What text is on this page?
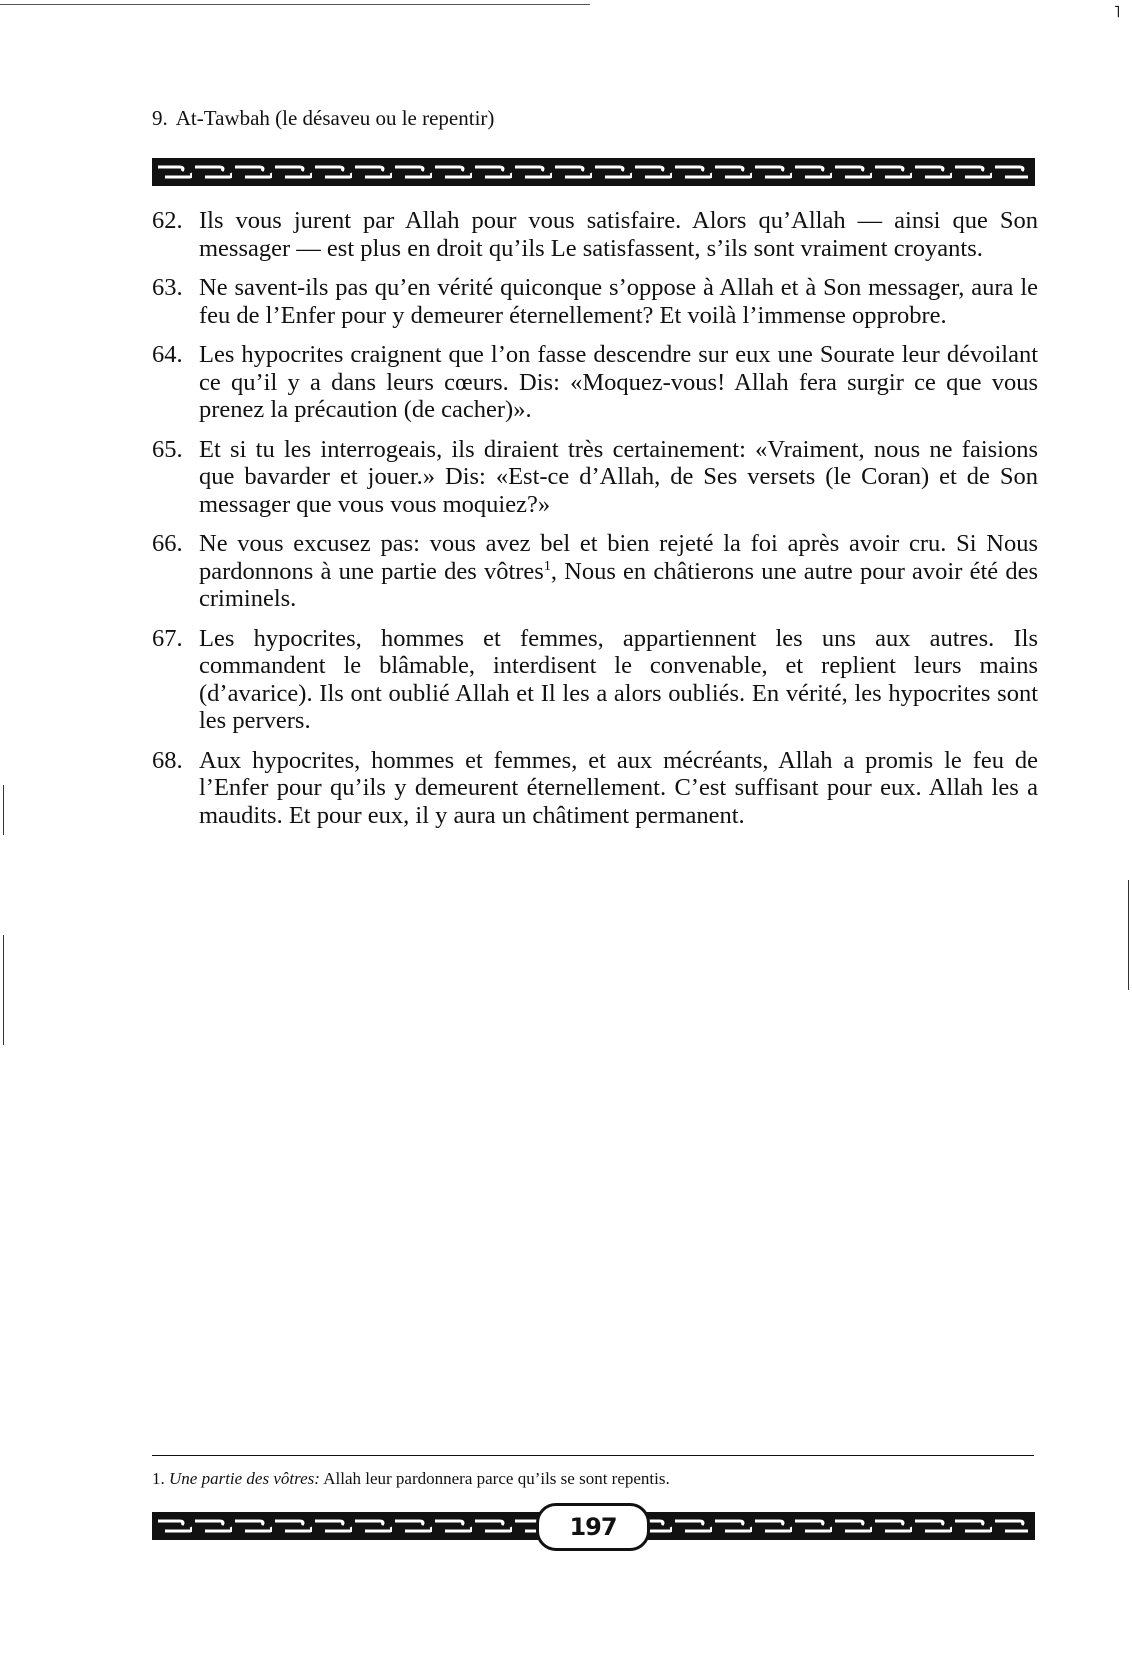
˥
9. At-Tawbah (le désaveu ou le repentir)
62. Ils vous jurent par Allah pour vous satisfaire. Alors qu’Allah — ainsi que Son messager — est plus en droit qu’ils Le satisfassent, s’ils sont vraiment croyants.
63. Ne savent-ils pas qu’en vérité quiconque s’oppose à Allah et à Son messager, aura le feu de l’Enfer pour y demeurer éternellement? Et voilà l’immense opprobre.
64. Les hypocrites craignent que l’on fasse descendre sur eux une Sourate leur dévoilant ce qu’il y a dans leurs cœurs. Dis: «Moquez-vous! Allah fera surgir ce que vous prenez la précaution (de cacher)».
65. Et si tu les interrogeais, ils diraient très certainement: «Vraiment, nous ne faisions que bavarder et jouer.» Dis: «Est-ce d’Allah, de Ses versets (le Coran) et de Son messager que vous vous moquiez?»
66. Ne vous excusez pas: vous avez bel et bien rejeté la foi après avoir cru. Si Nous pardonnons à une partie des vôtres$^1$, Nous en châtierons une autre pour avoir été des criminels.
67. Les hypocrites, hommes et femmes, appartiennent les uns aux autres. Ils commandent le blâmable, interdisent le convenable, et replient leurs mains (d’avarice). Ils ont oublié Allah et Il les a alors oubliés. En vérité, les hypocrites sont les pervers.
68. Aux hypocrites, hommes et femmes, et aux mécréants, Allah a promis le feu de l’Enfer pour qu’ils y demeurent éternellement. C’est suffisant pour eux. Allah les a maudits. Et pour eux, il y aura un châtiment permanent.
1. Une partie des vôtres: Allah leur pardonnera parce qu’ils se sont repentis.
197
